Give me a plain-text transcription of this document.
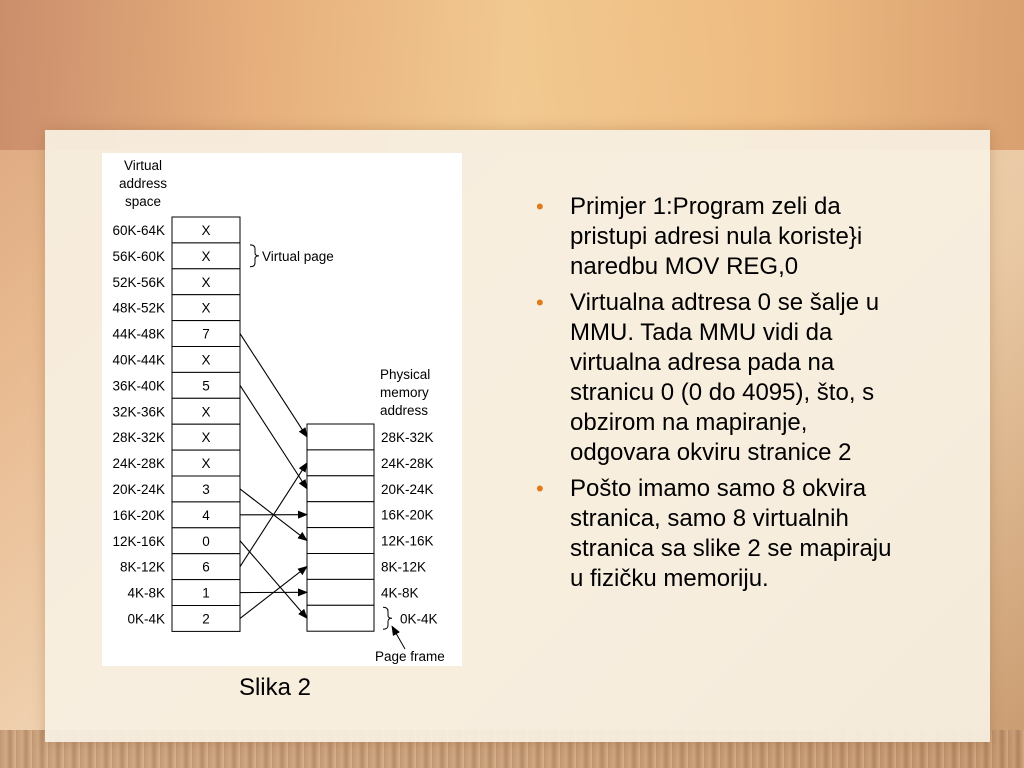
Virtual
address
space
X
60K-64K
X
56K-60K
X
52K-56K
X
48K-52K
7
44K-48K
X
40K-44K
5
36K-40K
X
32K-36K
X
28K-32K
X
24K-28K
3
20K-24K
4
16K-20K
0
12K-16K
6
8K-12K
1
4K-8K
2
0K-4K
Virtual page
Physical
memory
address
28K-32K
24K-28K
20K-24K
16K-20K
12K-16K
8K-12K
4K-8K
0K-4K
Page frame
Slika 2
• Primjer 1:Program zeli da pristupi adresi nula koriste}i naredbu MOV REG,0
• Virtualna adtresa 0 se šalje u MMU. Tada MMU vidi da virtualna adresa pada na stranicu 0 (0 do 4095), što, s obzirom na mapiranje, odgovara okviru stranice 2
• Pošto imamo samo 8 okvira stranica, samo 8 virtualnih stranica sa slike 2 se mapiraju u fizičku memoriju.
